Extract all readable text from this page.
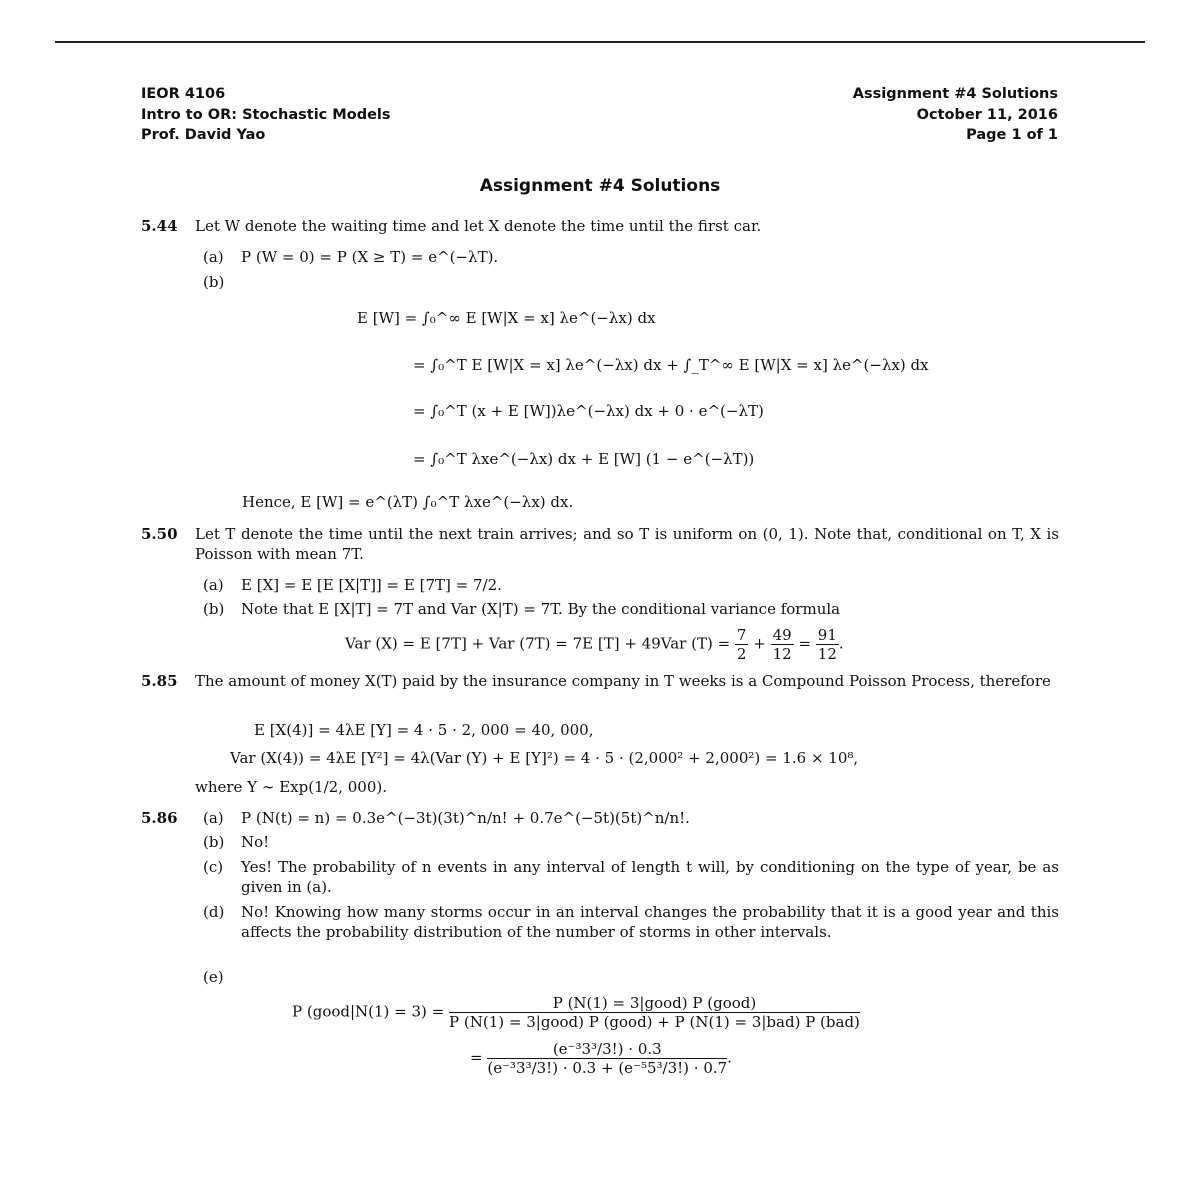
IEOR 4106
Intro to OR: Stochastic Models
Prof. David Yao
Assignment #4 Solutions
October 11, 2016
Page 1 of 1
Assignment #4 Solutions
5.44 Let W denote the waiting time and let X denote the time until the first car.
(a) P (W = 0) = P (X ≥ T) = e^(−λT).
(b)
E [W] = ∫₀^∞ E [W|X = x] λe^(−λx) dx
= ∫₀^T E [W|X = x] λe^(−λx) dx + ∫_T^∞ E [W|X = x] λe^(−λx) dx
= ∫₀^T (x + E [W])λe^(−λx) dx + 0 · e^(−λT)
= ∫₀^T λxe^(−λx) dx + E [W] (1 − e^(−λT))
Hence, E [W] = e^(λT) ∫₀^T λxe^(−λx) dx.
5.50 Let T denote the time until the next train arrives; and so T is uniform on (0, 1). Note that, conditional on T, X is Poisson with mean 7T.
(a) E [X] = E [E [X|T]] = E [7T] = 7/2.
(b) Note that E [X|T] = 7T and Var (X|T) = 7T. By the conditional variance formula
Var (X) = E [7T] + Var (7T) = 7E [T] + 49Var $(T) = \frac{7}{2} + \frac{49}{12} = \frac{91}{12}$ .
5.85 The amount of money X(T) paid by the insurance company in T weeks is a Compound Poisson Process, therefore
E [X(4)] = 4λE [Y] = 4 · 5 · 2, 000 = 40, 000,
Var (X(4)) = 4λE [Y²] = 4λ(Var (Y) + E [Y]²) = 4 · 5 · (2,000² + 2,000²) = 1.6 × 10⁸,
where Y ∼ Exp(1/2, 000).
5.86 (a) P (N(t) = n) = 0.3e^(−3t)(3t)^n/n! + 0.7e^(−5t)(5t)^n/n!.
(b) No!
(c) Yes! The probability of n events in any interval of length t will, by conditioning on the type of year, be as given in (a).
(d) No! Knowing how many storms occur in an interval changes the probability that it is a good year and this affects the probability distribution of the number of storms in other intervals.
(e)
P (good|N(1) = $3) = \frac{\text{P (N(1) = 3|good) P (good)}}{\text{P (N(1) = 3|good) P (good) + P (N(1) = 3|bad) P (bad)}}$
= $\frac{\text{(e⁻³3³/3!) · 0.3}}{\text{(e⁻³3³/3!) · 0.3 + (e⁻⁵5³/3!) · 0.7}}$ .
